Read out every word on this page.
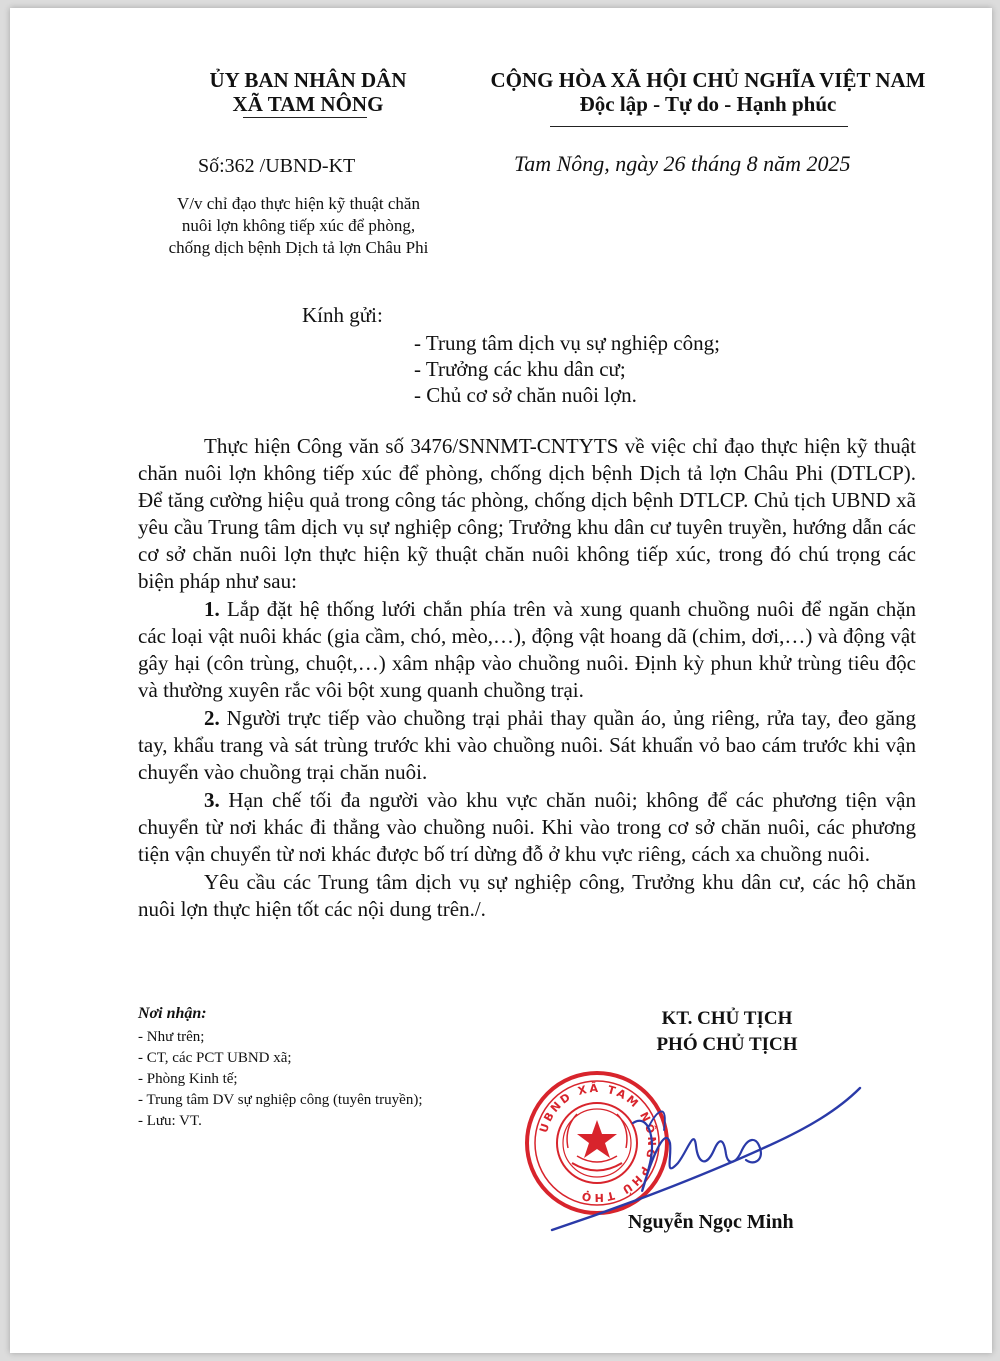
ỦY BAN NHÂN DÂN
XÃ TAM NÔNG
CỘNG HÒA XÃ HỘI CHỦ NGHĨA VIỆT NAM
Độc lập - Tự do - Hạnh phúc
Số:362 /UBND-KT	Tam Nông, ngày 26 tháng 8 năm 2025
V/v chỉ đạo thực hiện kỹ thuật chăn
nuôi lợn không tiếp xúc để phòng,
chống dịch bệnh Dịch tả lợn Châu Phi
Kính gửi:
- Trung tâm dịch vụ sự nghiệp công;
- Trưởng các khu dân cư;
- Chủ cơ sở chăn nuôi lợn.

Thực hiện Công văn số 3476/SNNMT-CNTYTS về việc chỉ đạo thực hiện kỹ thuật chăn nuôi lợn không tiếp xúc để phòng, chống dịch bệnh Dịch tả lợn Châu Phi (DTLCP). Để tăng cường hiệu quả trong công tác phòng, chống dịch bệnh DTLCP. Chủ tịch UBND xã yêu cầu Trung tâm dịch vụ sự nghiệp công; Trưởng khu dân cư tuyên truyền, hướng dẫn các cơ sở chăn nuôi lợn thực hiện kỹ thuật chăn nuôi không tiếp xúc, trong đó chú trọng các biện pháp như sau:

1. Lắp đặt hệ thống lưới chắn phía trên và xung quanh chuồng nuôi để ngăn chặn các loại vật nuôi khác (gia cầm, chó, mèo,…), động vật hoang dã (chim, dơi,…) và động vật gây hại (côn trùng, chuột,…) xâm nhập vào chuồng nuôi. Định kỳ phun khử trùng tiêu độc và thường xuyên rắc vôi bột xung quanh chuồng trại.

2. Người trực tiếp vào chuồng trại phải thay quần áo, ủng riêng, rửa tay, đeo găng tay, khẩu trang và sát trùng trước khi vào chuồng nuôi. Sát khuẩn vỏ bao cám trước khi vận chuyển vào chuồng trại chăn nuôi.

3. Hạn chế tối đa người vào khu vực chăn nuôi; không để các phương tiện vận chuyển từ nơi khác đi thẳng vào chuồng nuôi. Khi vào trong cơ sở chăn nuôi, các phương tiện vận chuyển từ nơi khác được bố trí dừng đỗ ở khu vực riêng, cách xa chuồng nuôi.

Yêu cầu các Trung tâm dịch vụ sự nghiệp công, Trưởng khu dân cư, các hộ chăn nuôi lợn thực hiện tốt các nội dung trên./.

Nơi nhận:
- Như trên;
- CT, các PCT UBND xã;
- Phòng Kinh tế;
- Trung tâm DV sự nghiệp công (tuyên truyền);
- Lưu: VT.
KT. CHỦ TỊCH
PHÓ CHỦ TỊCH
UBND XÃ TAM NÔNG PHÚ THỌ
Nguyễn Ngọc Minh
